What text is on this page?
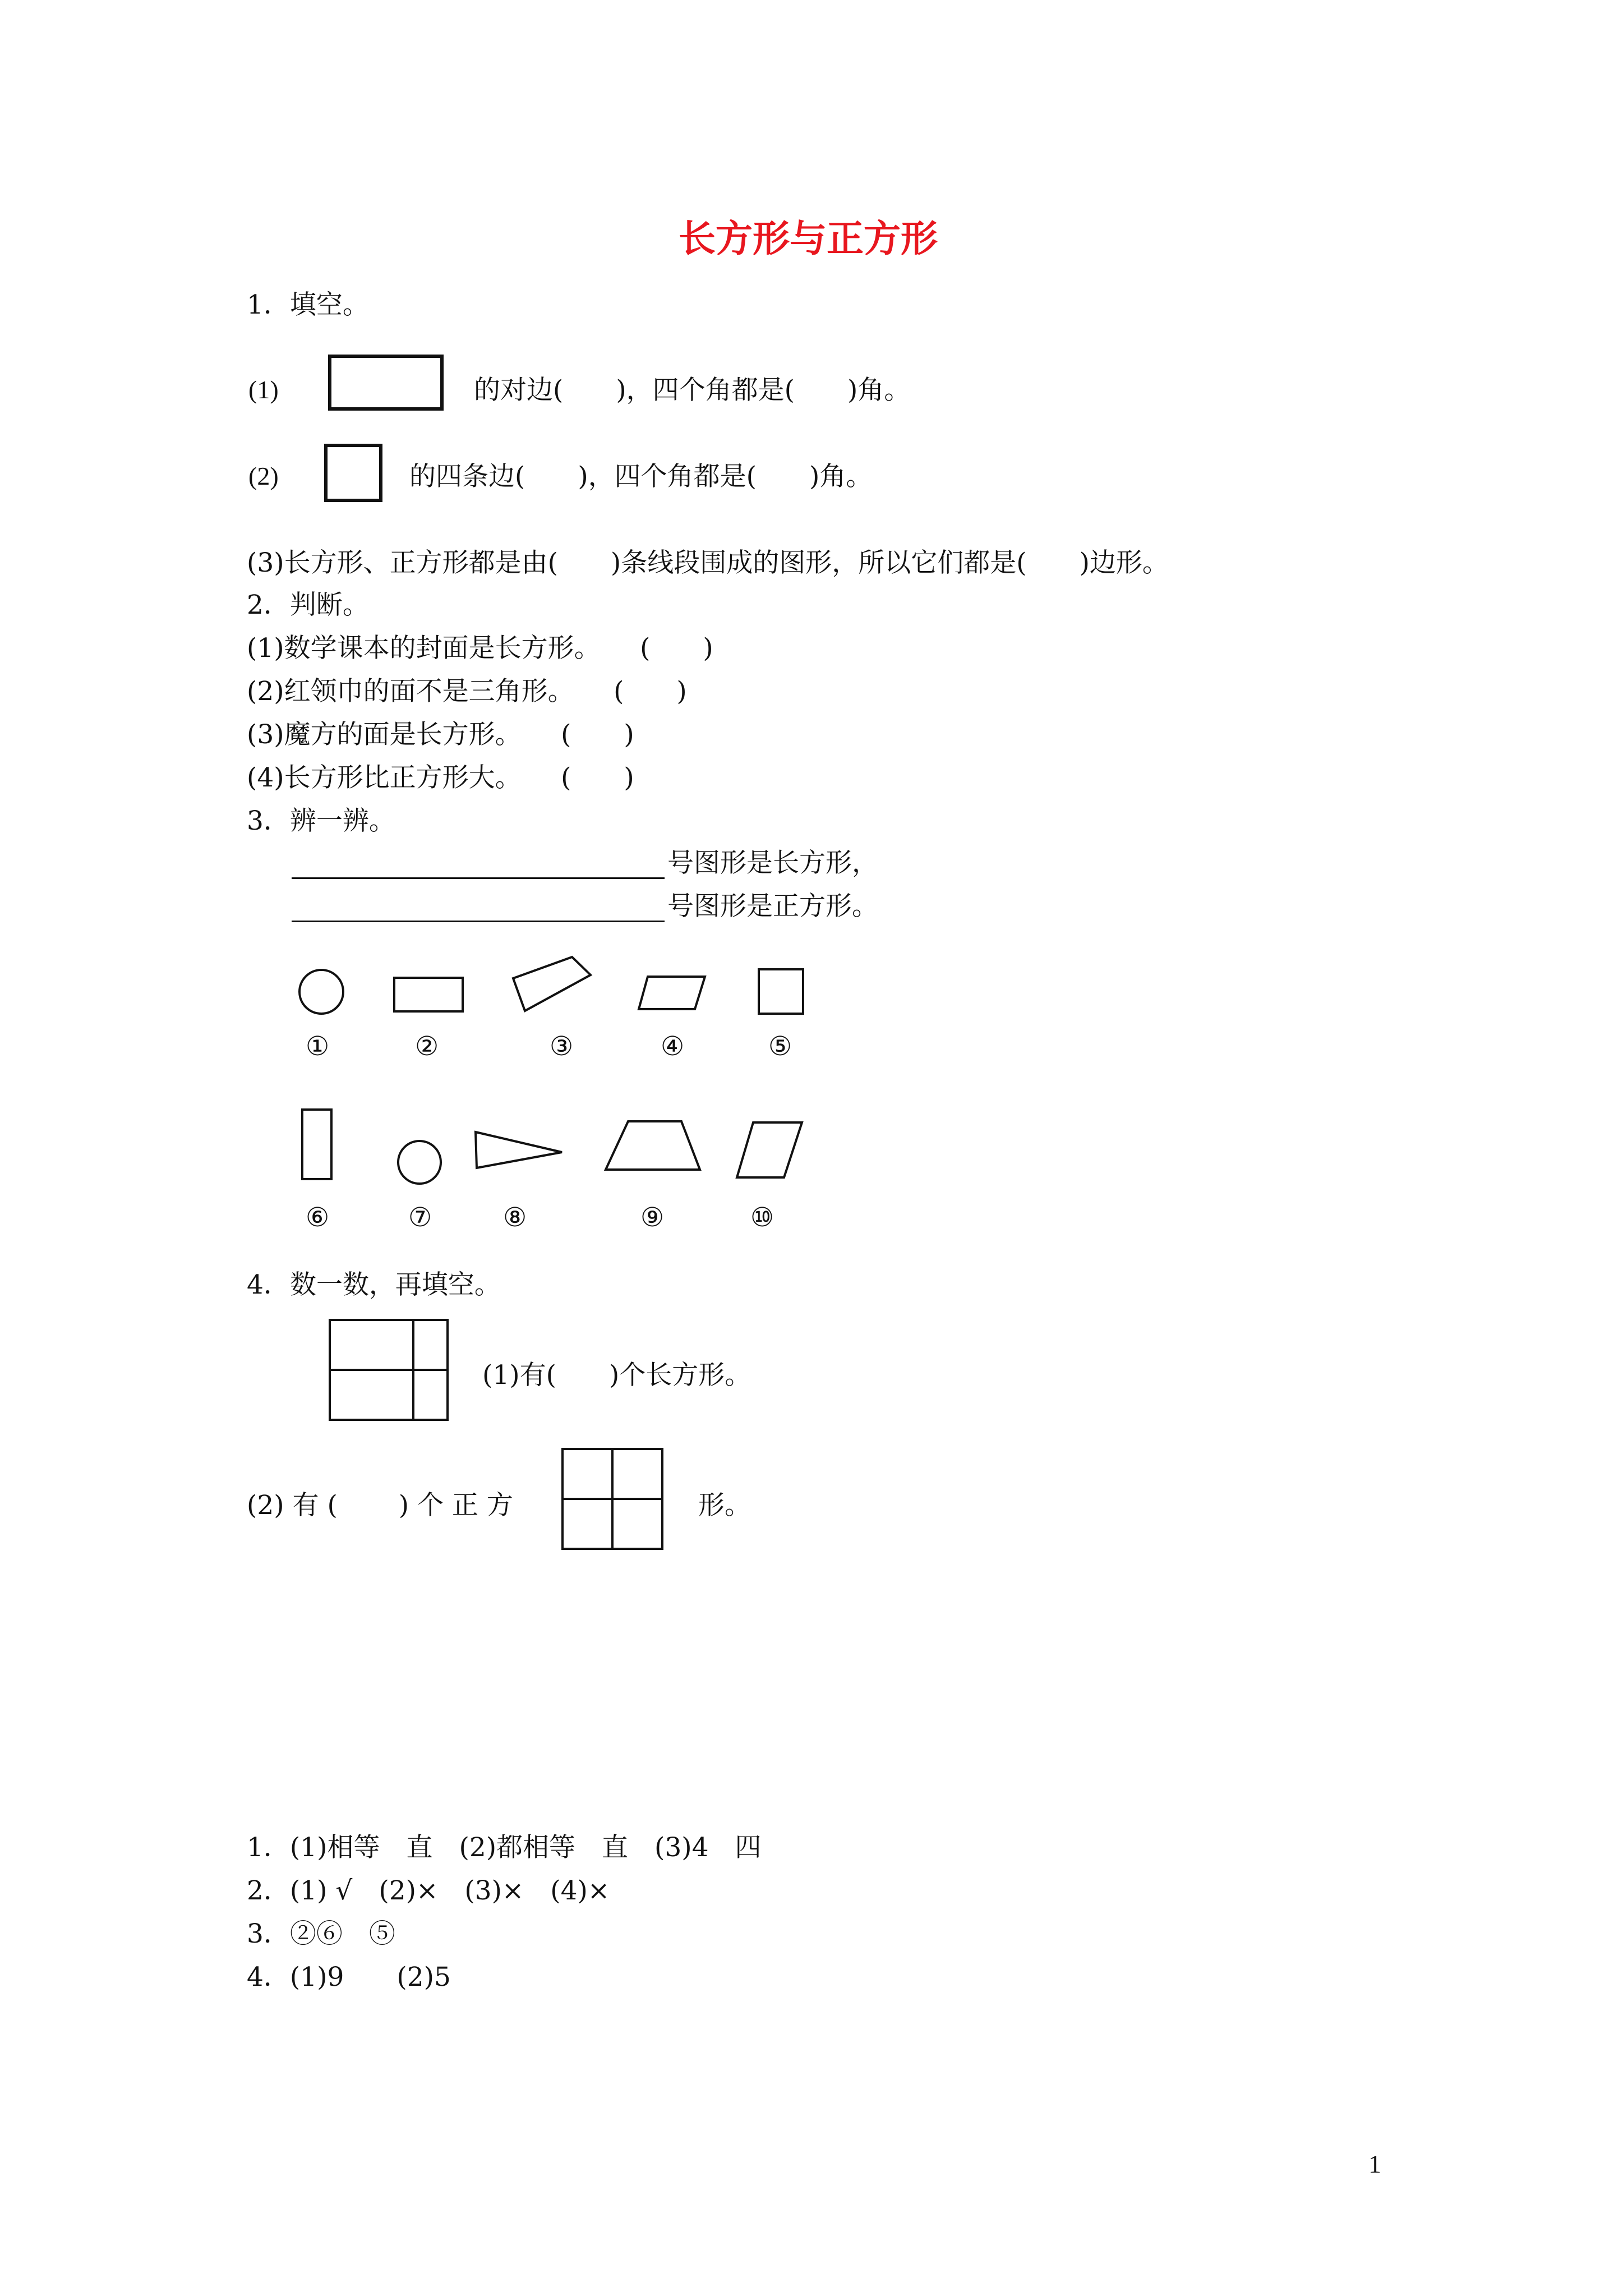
长方形与正方形
1．填空。
(1)	的对边(　　)，四个角都是(　　)角。
(2)	的四条边(　　)，四个角都是(　　)角。
(3)长方形、正方形都是由(　　)条线段围成的图形，所以它们都是(　　)边形。
2．判断。
(1)数学课本的封面是长方形。　　(　　)
(2)红领巾的面不是三角形。　　(　　)
(3)魔方的面是长方形。　　(　　)
(4)长方形比正方形大。　　(　　)
3．辨一辨。
号图形是长方形，
号图形是正方形。
①	②	③	④	⑤
⑥	⑦	⑧	⑨	⑩
4．数一数，再填空。
(1)有(　　)个长方形。
(2) 有 (　　 ) 个 正 方	形。
1．(1)相等　直　(2)都相等　直　(3)4　四
2．(1) √　(2)×　(3)×　(4)×
3．②⑥　⑤
4．(1)9　　(2)5
1
